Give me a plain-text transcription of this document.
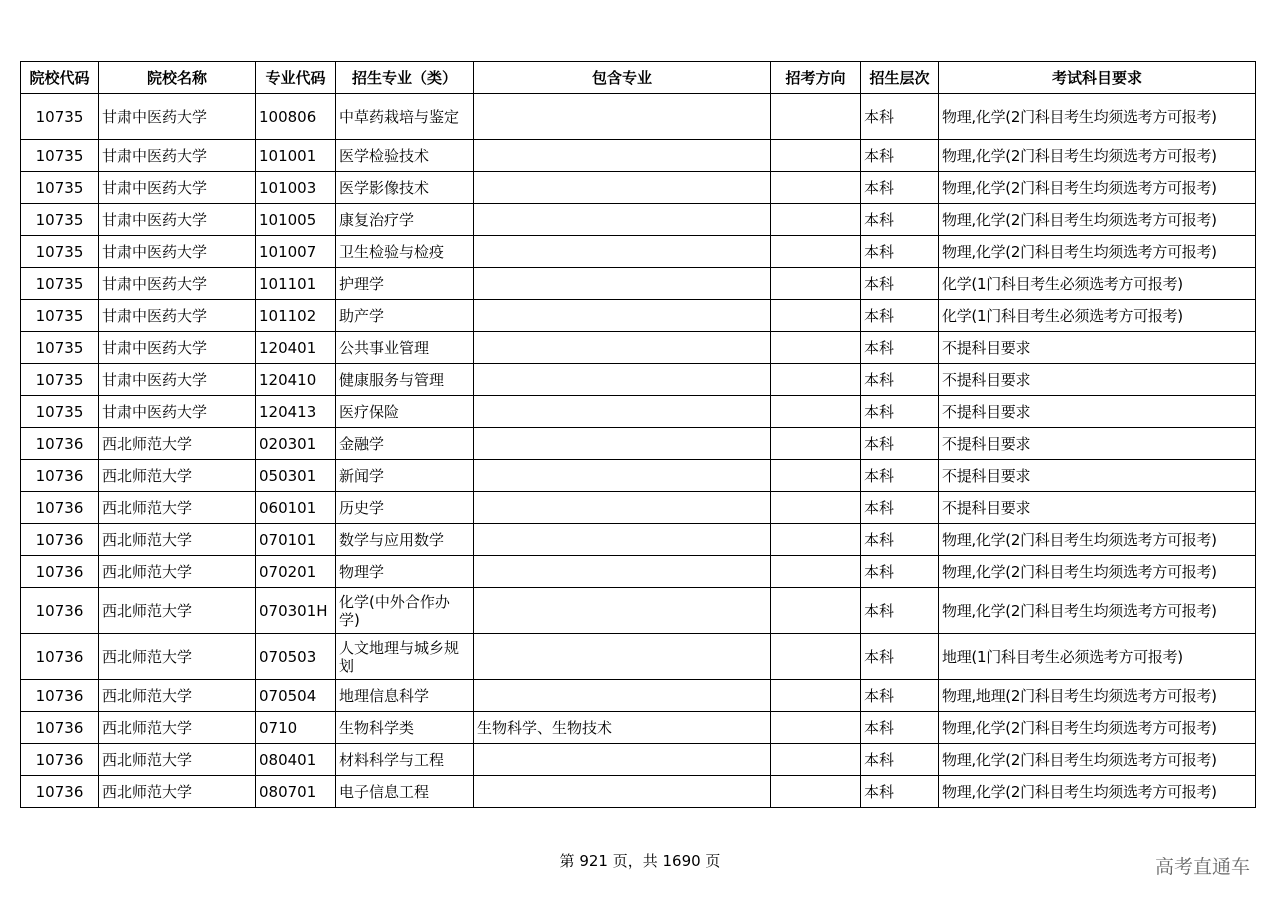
院校代码	院校名称	专业代码	招生专业（类）	包含专业	招考方向	招生层次	考试科目要求
10735	甘肃中医药大学	100806	中草药栽培与鉴定			本科	物理,化学(2门科目考生均须选考方可报考)
10735	甘肃中医药大学	101001	医学检验技术			本科	物理,化学(2门科目考生均须选考方可报考)
10735	甘肃中医药大学	101003	医学影像技术			本科	物理,化学(2门科目考生均须选考方可报考)
10735	甘肃中医药大学	101005	康复治疗学			本科	物理,化学(2门科目考生均须选考方可报考)
10735	甘肃中医药大学	101007	卫生检验与检疫			本科	物理,化学(2门科目考生均须选考方可报考)
10735	甘肃中医药大学	101101	护理学			本科	化学(1门科目考生必须选考方可报考)
10735	甘肃中医药大学	101102	助产学			本科	化学(1门科目考生必须选考方可报考)
10735	甘肃中医药大学	120401	公共事业管理			本科	不提科目要求
10735	甘肃中医药大学	120410	健康服务与管理			本科	不提科目要求
10735	甘肃中医药大学	120413	医疗保险			本科	不提科目要求
10736	西北师范大学	020301	金融学			本科	不提科目要求
10736	西北师范大学	050301	新闻学			本科	不提科目要求
10736	西北师范大学	060101	历史学			本科	不提科目要求
10736	西北师范大学	070101	数学与应用数学			本科	物理,化学(2门科目考生均须选考方可报考)
10736	西北师范大学	070201	物理学			本科	物理,化学(2门科目考生均须选考方可报考)
10736	西北师范大学	070301H	化学(中外合作办学)			本科	物理,化学(2门科目考生均须选考方可报考)
10736	西北师范大学	070503	人文地理与城乡规划			本科	地理(1门科目考生必须选考方可报考)
10736	西北师范大学	070504	地理信息科学			本科	物理,地理(2门科目考生均须选考方可报考)
10736	西北师范大学	0710	生物科学类	生物科学、生物技术		本科	物理,化学(2门科目考生均须选考方可报考)
10736	西北师范大学	080401	材料科学与工程			本科	物理,化学(2门科目考生均须选考方可报考)
10736	西北师范大学	080701	电子信息工程			本科	物理,化学(2门科目考生均须选考方可报考)
第 921 页，共 1690 页	高考直通车
